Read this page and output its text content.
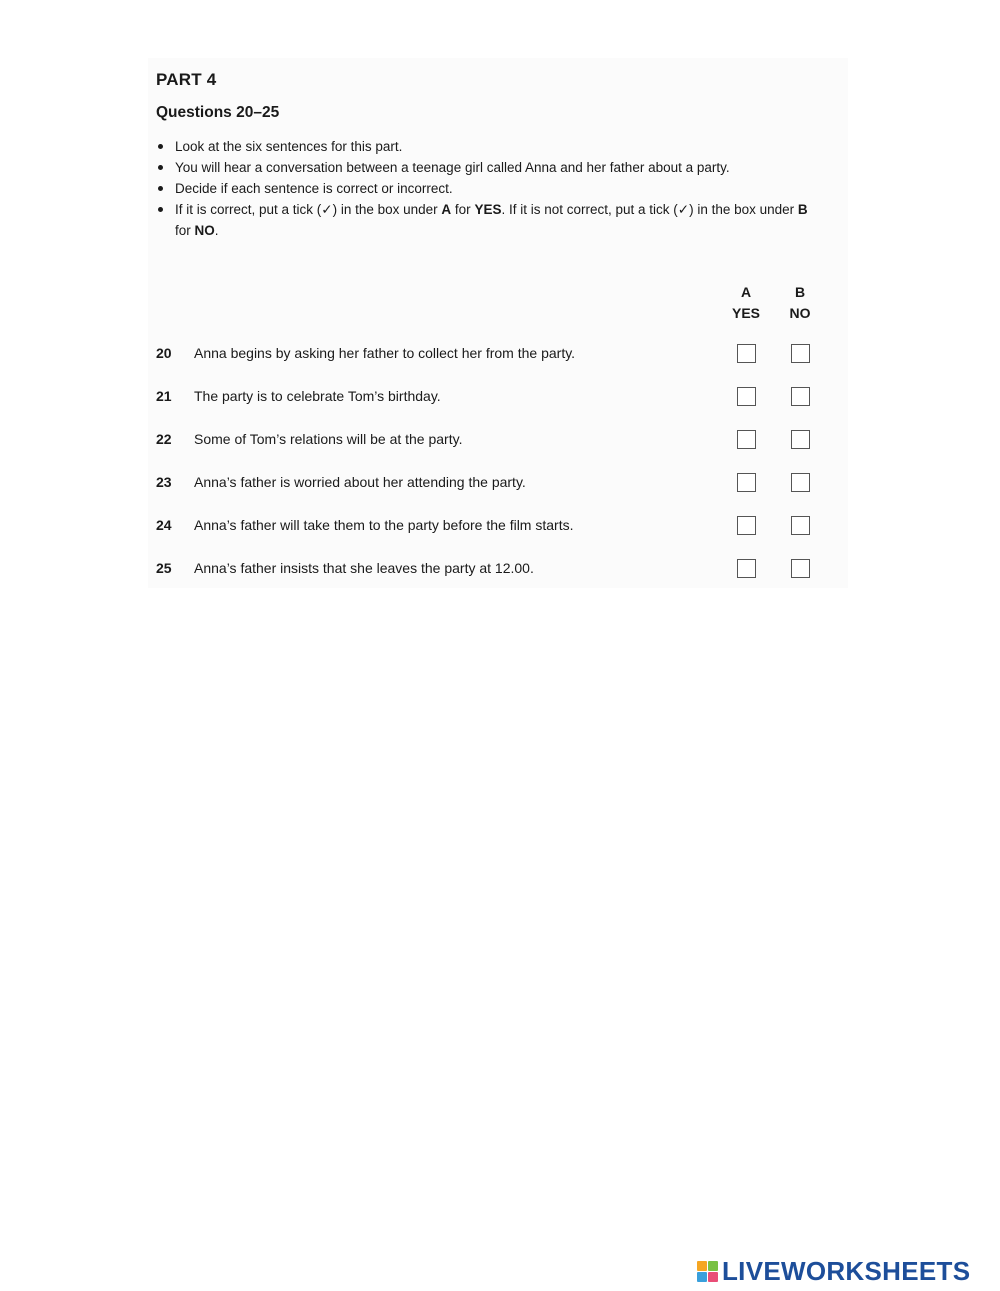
PART 4
Questions 20–25
Look at the six sentences for this part.
You will hear a conversation between a teenage girl called Anna and her father about a party.
Decide if each sentence is correct or incorrect.
If it is correct, put a tick (✓) in the box under A for YES. If it is not correct, put a tick (✓) in the box under B for NO.
A
YES
B
NO
20 Anna begins by asking her father to collect her from the party.
21 The party is to celebrate Tom’s birthday.
22 Some of Tom’s relations will be at the party.
23 Anna’s father is worried about her attending the party.
24 Anna’s father will take them to the party before the film starts.
25 Anna’s father insists that she leaves the party at 12.00.
LIVEWORKSHEETS
